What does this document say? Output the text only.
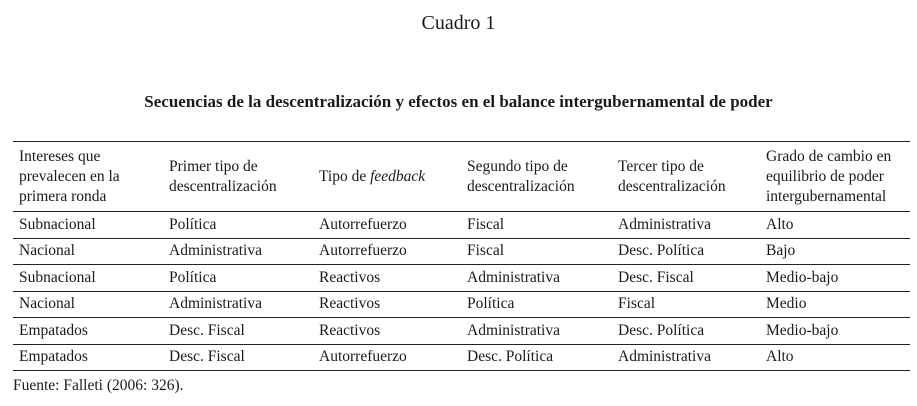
Cuadro 1
Secuencias de la descentralización y efectos en el balance intergubernamental de poder
Intereses que prevalecen en la primera ronda	Primer tipo de descentralización	Tipo de feedback	Segundo tipo de descentralización	Tercer tipo de descentralización	Grado de cambio en equilibrio de poder intergubernamental
Subnacional	Política	Autorrefuerzo	Fiscal	Administrativa	Alto
Nacional	Administrativa	Autorrefuerzo	Fiscal	Desc. Política	Bajo
Subnacional	Política	Reactivos	Administrativa	Desc. Fiscal	Medio-bajo
Nacional	Administrativa	Reactivos	Política	Fiscal	Medio
Empatados	Desc. Fiscal	Reactivos	Administrativa	Desc. Política	Medio-bajo
Empatados	Desc. Fiscal	Autorrefuerzo	Desc. Política	Administrativa	Alto
Fuente: Falleti (2006: 326).
